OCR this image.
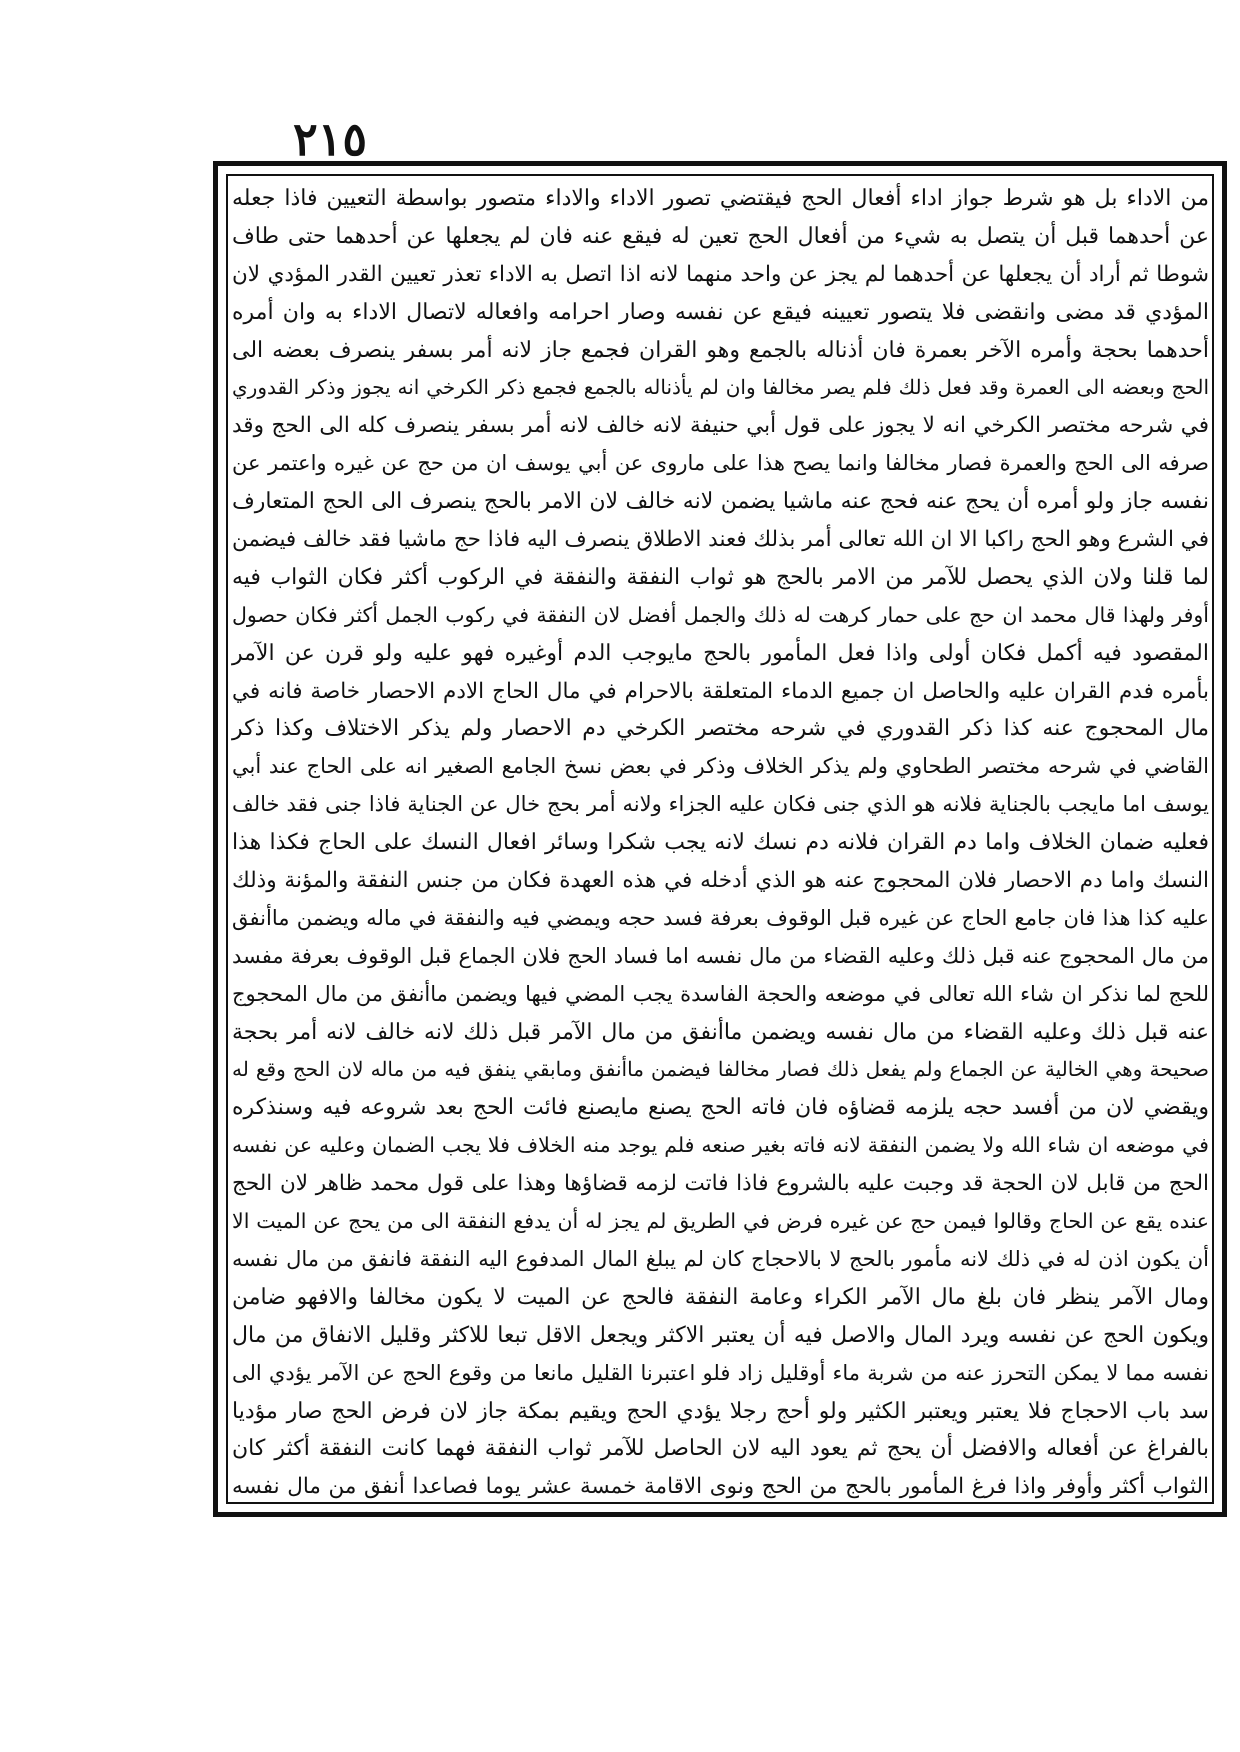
٢١٥
من الاداء بل هو شرط جواز اداء أفعال الحج فيقتضي تصور الاداء والاداء متصور بواسطة التعيين فاذا جعله
عن أحدهما قبل أن يتصل به شيء من أفعال الحج تعين له فيقع عنه فان لم يجعلها عن أحدهما حتى طاف
شوطا ثم أراد أن يجعلها عن أحدهما لم يجز عن واحد منهما لانه اذا اتصل به الاداء تعذر تعيين القدر المؤدي لان
المؤدي قد مضى وانقضى فلا يتصور تعيينه فيقع عن نفسه وصار احرامه وافعاله لاتصال الاداء به وان أمره
أحدهما بحجة وأمره الآخر بعمرة فان أذناله بالجمع وهو القران فجمع جاز لانه أمر بسفر ينصرف بعضه الى
الحج وبعضه الى العمرة وقد فعل ذلك فلم يصر مخالفا وان لم يأذناله بالجمع فجمع ذكر الكرخي انه يجوز وذكر القدوري
في شرحه مختصر الكرخي انه لا يجوز على قول أبي حنيفة لانه خالف لانه أمر بسفر ينصرف كله الى الحج وقد
صرفه الى الحج والعمرة فصار مخالفا وانما يصح هذا على ماروى عن أبي يوسف ان من حج عن غيره واعتمر عن
نفسه جاز ولو أمره أن يحج عنه فحج عنه ماشيا يضمن لانه خالف لان الامر بالحج ينصرف الى الحج المتعارف
في الشرع وهو الحج راكبا الا ان الله تعالى أمر بذلك فعند الاطلاق ينصرف اليه فاذا حج ماشيا فقد خالف فيضمن
لما قلنا ولان الذي يحصل للآمر من الامر بالحج هو ثواب النفقة والنفقة في الركوب أكثر فكان الثواب فيه
أوفر ولهذا قال محمد ان حج على حمار كرهت له ذلك والجمل أفضل لان النفقة في ركوب الجمل أكثر فكان حصول
المقصود فيه أكمل فكان أولى واذا فعل المأمور بالحج مايوجب الدم أوغيره فهو عليه ولو قرن عن الآمر
بأمره فدم القران عليه والحاصل ان جميع الدماء المتعلقة بالاحرام في مال الحاج الادم الاحصار خاصة فانه في
مال المحجوج عنه كذا ذكر القدوري في شرحه مختصر الكرخي دم الاحصار ولم يذكر الاختلاف وكذا ذكر
القاضي في شرحه مختصر الطحاوي ولم يذكر الخلاف وذكر في بعض نسخ الجامع الصغير انه على الحاج عند أبي
يوسف اما مايجب بالجناية فلانه هو الذي جنى فكان عليه الجزاء ولانه أمر بحج خال عن الجناية فاذا جنى فقد خالف
فعليه ضمان الخلاف واما دم القران فلانه دم نسك لانه يجب شكرا وسائر افعال النسك على الحاج فكذا هذا
النسك واما دم الاحصار فلان المحجوج عنه هو الذي أدخله في هذه العهدة فكان من جنس النفقة والمؤنة وذلك
عليه كذا هذا فان جامع الحاج عن غيره قبل الوقوف بعرفة فسد حجه ويمضي فيه والنفقة في ماله ويضمن ماأنفق
من مال المحجوج عنه قبل ذلك وعليه القضاء من مال نفسه اما فساد الحج فلان الجماع قبل الوقوف بعرفة مفسد
للحج لما نذكر ان شاء الله تعالى في موضعه والحجة الفاسدة يجب المضي فيها ويضمن ماأنفق من مال المحجوج
عنه قبل ذلك وعليه القضاء من مال نفسه ويضمن ماأنفق من مال الآمر قبل ذلك لانه خالف لانه أمر بحجة
صحيحة وهي الخالية عن الجماع ولم يفعل ذلك فصار مخالفا فيضمن ماأنفق ومابقي ينفق فيه من ماله لان الحج وقع له
ويقضي لان من أفسد حجه يلزمه قضاؤه فان فاته الحج يصنع مايصنع فائت الحج بعد شروعه فيه وسنذكره
في موضعه ان شاء الله ولا يضمن النفقة لانه فاته بغير صنعه فلم يوجد منه الخلاف فلا يجب الضمان وعليه عن نفسه
الحج من قابل لان الحجة قد وجبت عليه بالشروع فاذا فاتت لزمه قضاؤها وهذا على قول محمد ظاهر لان الحج
عنده يقع عن الحاج وقالوا فيمن حج عن غيره فرض في الطريق لم يجز له أن يدفع النفقة الى من يحج عن الميت الا
أن يكون اذن له في ذلك لانه مأمور بالحج لا بالاحجاج كان لم يبلغ المال المدفوع اليه النفقة فانفق من مال نفسه
ومال الآمر ينظر فان بلغ مال الآمر الكراء وعامة النفقة فالحج عن الميت لا يكون مخالفا والافهو ضامن
ويكون الحج عن نفسه ويرد المال والاصل فيه أن يعتبر الاكثر ويجعل الاقل تبعا للاكثر وقليل الانفاق من مال
نفسه مما لا يمكن التحرز عنه من شربة ماء أوقليل زاد فلو اعتبرنا القليل مانعا من وقوع الحج عن الآمر يؤدي الى
سد باب الاحجاج فلا يعتبر ويعتبر الكثير ولو أحج رجلا يؤدي الحج ويقيم بمكة جاز لان فرض الحج صار مؤديا
بالفراغ عن أفعاله والافضل أن يحج ثم يعود اليه لان الحاصل للآمر ثواب النفقة فهما كانت النفقة أكثر كان
الثواب أكثر وأوفر واذا فرغ المأمور بالحج من الحج ونوى الاقامة خمسة عشر يوما فصاعدا أنفق من مال نفسه
